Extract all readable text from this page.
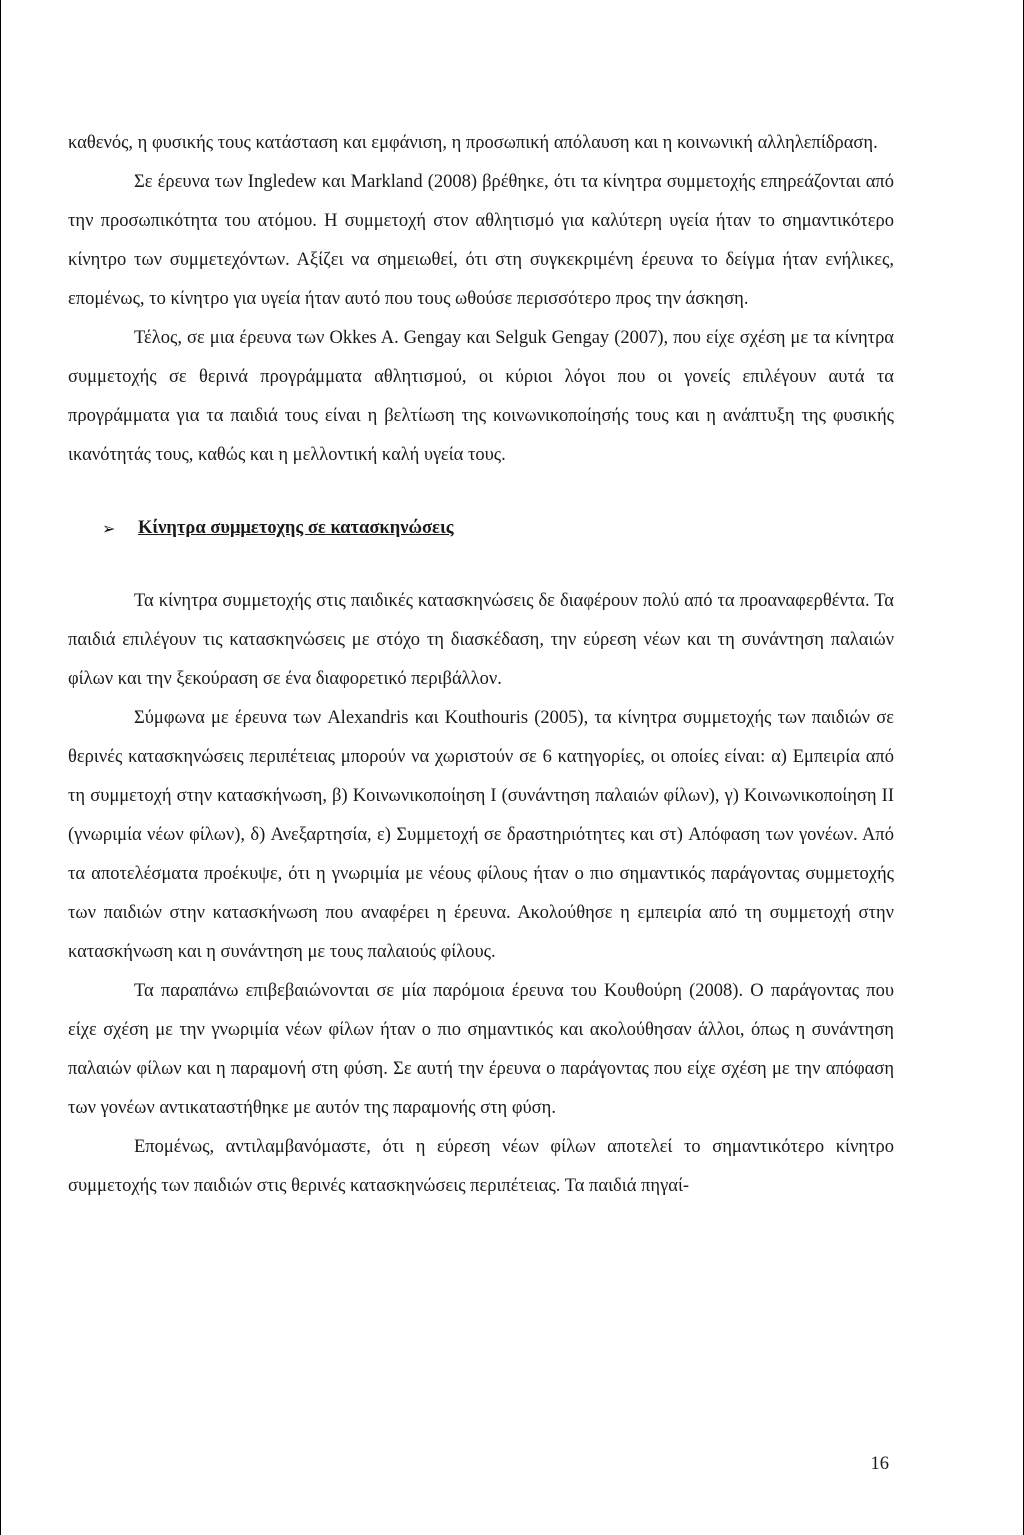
καθενός, η φυσικής τους κατάσταση και εμφάνιση, η προσωπική απόλαυση και η κοινωνική αλληλεπίδραση.

Σε έρευνα των Ingledew και Markland (2008) βρέθηκε, ότι τα κίνητρα συμμετοχής επηρεάζονται από την προσωπικότητα του ατόμου. Η συμμετοχή στον αθλητισμό για καλύτερη υγεία ήταν το σημαντικότερο κίνητρο των συμμετεχόντων. Αξίζει να σημειωθεί, ότι στη συγκεκριμένη έρευνα το δείγμα ήταν ενήλικες, επομένως, το κίνητρο για υγεία ήταν αυτό που τους ωθούσε περισσότερο προς την άσκηση.

Τέλος, σε μια έρευνα των Okkes A. Gengay και Selguk Gengay (2007), που είχε σχέση με τα κίνητρα συμμετοχής σε θερινά προγράμματα αθλητισμού, οι κύριοι λόγοι που οι γονείς επιλέγουν αυτά τα προγράμματα για τα παιδιά τους είναι η βελτίωση της κοινωνικοποίησής τους και η ανάπτυξη της φυσικής ικανότητάς τους, καθώς και η μελλοντική καλή υγεία τους.

➢	Κίνητρα συμμετοχης σε κατασκηνώσεις

Τα κίνητρα συμμετοχής στις παιδικές κατασκηνώσεις δε διαφέρουν πολύ από τα προαναφερθέντα. Τα παιδιά επιλέγουν τις κατασκηνώσεις με στόχο τη διασκέδαση, την εύρεση νέων και τη συνάντηση παλαιών φίλων και την ξεκούραση σε ένα διαφορετικό περιβάλλον.

Σύμφωνα με έρευνα των Alexandris και Kouthouris (2005), τα κίνητρα συμμετοχής των παιδιών σε θερινές κατασκηνώσεις περιπέτειας μπορούν να χωριστούν σε 6 κατηγορίες, οι οποίες είναι: α) Εμπειρία από τη συμμετοχή στην κατασκήνωση, β) Κοινωνικοποίηση I (συνάντηση παλαιών φίλων), γ) Κοινωνικοποίηση II (γνωριμία νέων φίλων), δ) Ανεξαρτησία, ε) Συμμετοχή σε δραστηριότητες και στ) Απόφαση των γονέων. Από τα αποτελέσματα προέκυψε, ότι η γνωριμία με νέους φίλους ήταν ο πιο σημαντικός παράγοντας συμμετοχής των παιδιών στην κατασκήνωση που αναφέρει η έρευνα. Ακολούθησε η εμπειρία από τη συμμετοχή στην κατασκήνωση και η συνάντηση με τους παλαιούς φίλους.

Τα παραπάνω επιβεβαιώνονται σε μία παρόμοια έρευνα του Κουθούρη (2008). Ο παράγοντας που είχε σχέση με την γνωριμία νέων φίλων ήταν ο πιο σημαντικός και ακολούθησαν άλλοι, όπως η συνάντηση παλαιών φίλων και η παραμονή στη φύση. Σε αυτή την έρευνα ο παράγοντας που είχε σχέση με την απόφαση των γονέων αντικαταστήθηκε με αυτόν της παραμονής στη φύση.

Επομένως, αντιλαμβανόμαστε, ότι η εύρεση νέων φίλων αποτελεί το σημαντικότερο κίνητρο συμμετοχής των παιδιών στις θερινές κατασκηνώσεις περιπέτειας. Τα παιδιά πηγαί-

16
